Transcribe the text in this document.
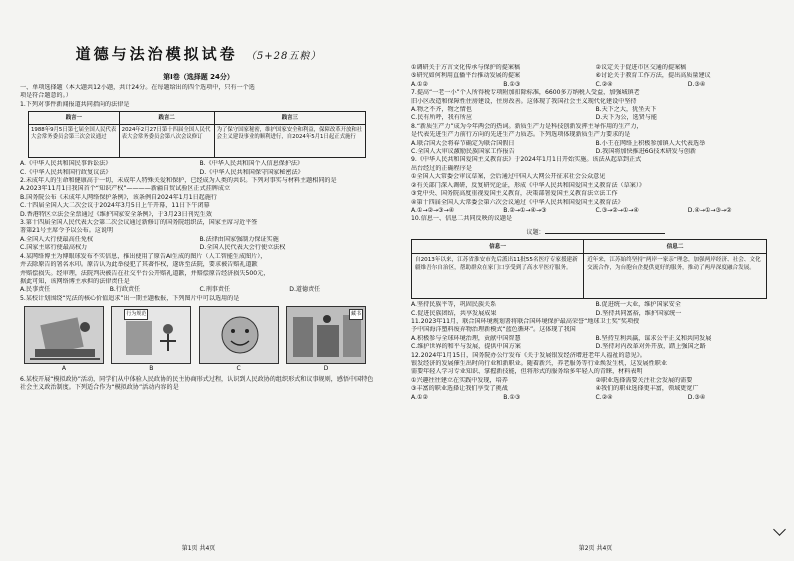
道德与法治模拟试卷 （5+28五粮）
第Ⅰ卷（选择题 24分）
一、单项选择题（本大题共12小题，共计24分。在每题给出的四个选项中，只有一个选
项是符合题意的。）
1.下列对事件新闻报道共同指向的法律是
践言一	践言二	践言三
1988年9月5日第七届全国人民代表大会常务委员会第三次会议通过	2024年2月27日第十四届全国人民代表大会常务委员会第八次会议修订	为了保守国家秘密，维护国家安全和利益，保障改革开放和社会主义建设事业的顺利进行，自2024年5月1日起正式施行
A.《中华人民共和国民事诉讼法》	B.《中华人民共和国个人信息保护法》
C.《中华人民共和国行政复议法》	D.《中华人民共和国保守国家秘密法》
2.未成年人的生命和健康高于一切，未成年人特殊关爱和保护，已经成为人类的共识。下列对事实与材料主题相同的是
A.2023年11月1日我国首个“知识产权”————新疆自贸试验区正式挂牌成立
B.国务院公布《未成年人网络保护条例》，该条例自2024年1月1日起施行
C.十四届全国人大二次会议于2024年3月5日上午开幕，11日下午闭幕
D.香港特区立法会全票通过《维护国家安全条例》，于3月23日刊宪生效
3.第十四届全国人民代表大会第二次会议通过新修订的国务院组织法，国家主席习近平签
署第21号主席令予以公布。这说明
A.全国人大行使最高任免权	B.法律由国家强制力保证实施
C.国家主席行使最高权力	D.全国人民代表大会行使立法权
4.某网络博主为博眼球发布不实信息，推出使用了原告AI生成的图片（人工智能生成图片），
并去除原告的署名水印。原告认为此举侵犯了其著作权，遂诉至法院，要求被告赔礼道歉
并赔偿损失。经审理，法院判决被告在社交平台公开赔礼道歉，并赔偿原告经济损失500元，
据此可知，该网络博主承担的法律责任是
A.民事责任	B.行政责任	C.刑事责任	D.道德责任
5.某校计划围绕“宪法的核心价值追求”出一期主题板报，下列图片中可以选用的是
行为规范	藏书
A	B	C	D
6.某校开展“模拟政协”活动，同学们从中体验人民政协的民主协商形式过程，认识到人民政协的组织形式和议事规则，感悟中国特色社会主义政治制度。下列适合作为“模拟政协”活动内容的是
第1页 共4页
①调研关于方言文化传承与保护的提案稿	②议定关于促进市区交通的提案稿
⑤研究如何利用直播平台推动发展的提案	⑥讨论关于教育工作方法，提出高质量建议
A.①②	B.①③	C.②④	D.③④
7.提高“一老一小”个人所得税专项附加扣除标准，6600多万纳税人受益，加强城镇老
旧小区改造和保障性住房建设，住房改善。这体现了我国社会主义现代化建设中坚持
A.物之不齐，物之情也	B.天下之大，犹坐天下
C.民有所呼，我有所应	D.天下为公，选贤与能
8.“新质生产力”成为今年两会的热词。新质生产力是科技创新发挥主导作用的生产力，
是代表先进生产力前行方向的先进生产力质态。下列选项体现新质生产力要求的是
A.联合国大会将春节确定为联合国假日	B.小王在网络上积极参加镇人大代表选举
C.全国人大审议激励民族国家工作报告	D.我国将加快推进6G技术研发与创新
9.《中华人民共和国爱国主义教育法》于2024年1月1日开始实施。该法从起草到正式
出台经过的正确程序是
①全国人大常委会审议草案，会后通过中国人大网公开征求社会公众意见
②有关部门深入调研，反复研究论证，形成《中华人民共和国爱国主义教育法（草案）》
③党中央、国务院高度重视爱国主义教育，决策部署爱国主义教育法立法工作
④第十四届全国人大常委会第六次会议通过《中华人民共和国爱国主义教育法》
A.①→②→③→④	B.②→①→④→③	C.③→②→①→④	D.④→①→③→②
10.信息一、信息二共同反映的议题是
议题：
信息一	信息二
自2013年以来，江苏省淮安市先后派出11批55名医疗专家援建新疆维吾尔自治区，帮助群众在家门口享受到了高水平医疗服务。	近年来，江苏始终坚持“两岸一家亲”理念，加强两岸经济、社会、文化交流合作，为台胞台企提供更好的服务，推动了两岸深度融合发展。
A.坚持民族平等，巩固民族关系	B.促进统一大业，维护国家安全
C.促进民族团结，共享发展成果	D.坚持共同富裕，维护国家统一
11.2023年11月，联合国环境规划署将联合国环境保护最高荣誉“地球卫士奖”奖项授
予中国海洋塑料废弃物治理新模式“蓝色循环”。这体现了我国
A.积极参与全球环境治理，贡献中国智慧	B.坚持互利共赢，谋求公平正义和共同发展
C.维护世界的和平与发展，提供中国方案	D.坚持对内改革对外开放，踏上强国之路
12.2024年1月15日，国务院办公厅发布《关于发展银发经济增进老年人福祉的意见》。
银发经济的发展催生出时尚行业和新职业。随着新兴，养老服务等行业焕发生机，这发展性职业
需要年轻人学习专业知识、掌握新技能，但将形式的服务给多年轻人的青睐，材料表明
①兴趣往往建立在实践中发现，培养	②职业选择需要关注社会发展的需要
③丰富的职业选择让我们享受了挑战	④我们的职业选择更丰富，领域更宽广
A.①②	B.①③	C.②④	D.③④
第2页 共4页
